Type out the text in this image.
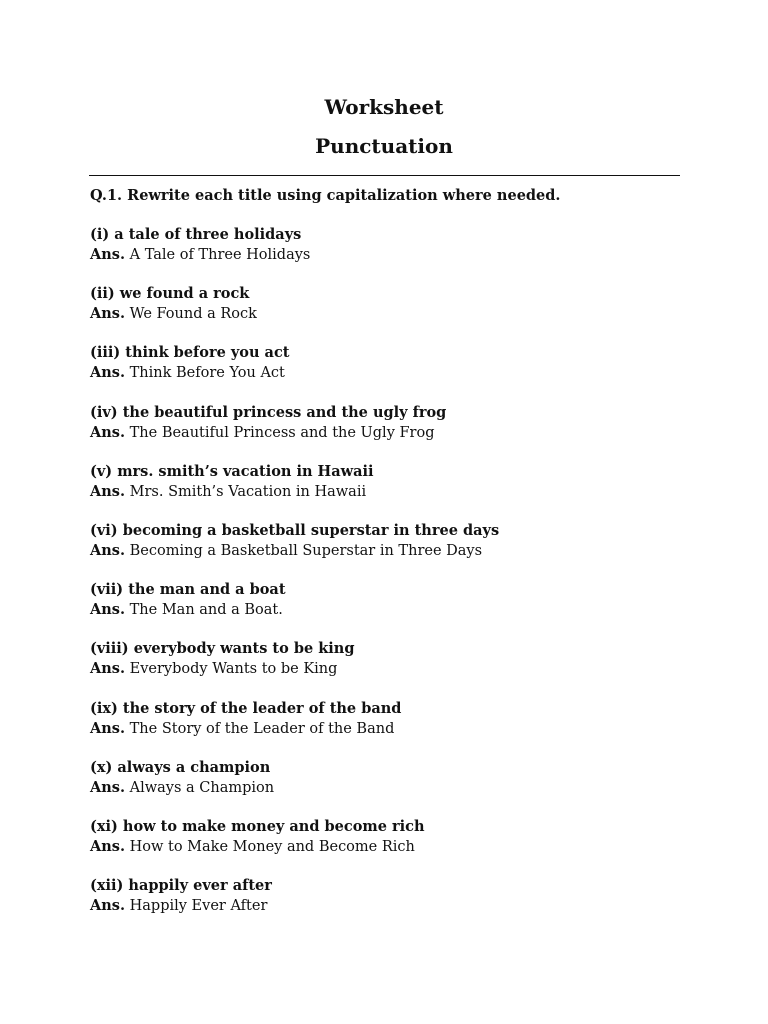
Worksheet
Punctuation

Q.1. Rewrite each title using capitalization where needed.

(i) a tale of three holidays
Ans. A Tale of Three Holidays
(ii) we found a rock
Ans. We Found a Rock
(iii) think before you act
Ans. Think Before You Act
(iv) the beautiful princess and the ugly frog
Ans. The Beautiful Princess and the Ugly Frog
(v) mrs. smith’s vacation in Hawaii
Ans. Mrs. Smith’s Vacation in Hawaii
(vi) becoming a basketball superstar in three days
Ans. Becoming a Basketball Superstar in Three Days
(vii) the man and a boat
Ans. The Man and a Boat.
(viii) everybody wants to be king
Ans. Everybody Wants to be King
(ix) the story of the leader of the band
Ans. The Story of the Leader of the Band
(x) always a champion
Ans. Always a Champion
(xi) how to make money and become rich
Ans. How to Make Money and Become Rich
(xii) happily ever after
Ans. Happily Ever After
